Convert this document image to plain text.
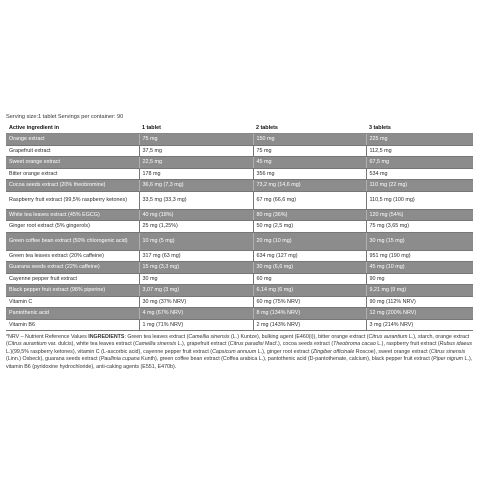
Serving size:1 tablet Servings per container: 90
Active ingredient in	1 tablet	2 tablets	3 tablets
Orange extract	75 mg	150 mg	225 mg
Grapefruit extract	37,5 mg	75 mg	112,5 mg
Sweet orange extract	22,5 mg	45 mg	67,5 mg
Bitter orange extract	178 mg	356 mg	534 mg
Cocoa seeds extract (20% theobromine)	36,6 mg (7,3 mg)	73,2 mg (14,6 mg)	110 mg (22 mg)
Raspberry fruit extract (99,5% raspberry ketones)	33,5 mg (33,3 mg)	67 mg (66,6 mg)	110,5 mg (100 mg)
White tea leaves extract (45% EGCG)	40 mg (18%)	80 mg (36%)	120 mg (54%)
Ginger root extract (5% gingerols)	25 mg (1,25%)	50 mg (2,5 mg)	75 mg (3,65 mg)
Green coffee bean extract (50% chlorogenic acid)	10 mg (5 mg)	20 mg (10 mg)	30 mg (15 mg)
Green tea leaves extract (20% caffeine)	317 mg (63 mg)	634 mg (127 mg)	951 mg (190 mg)
Guarana seeds extract (22% caffeine)	15 mg (3,3 mg)	30 mg (6,6 mg)	45 mg (10 mg)
Cayenne pepper fruit extract	30 mg	60 mg	90 mg
Black pepper fruit extract (98% piperine)	3,07 mg (3 mg)	6,14 mg (6 mg)	9,21 mg (9 mg)
Vitamin C	30 mg (37% NRV)	60 mg (75% NRV)	90 mg (112% NRV)
Pantothenic acid	4 mg (67% NRV)	8 mg (134% NRV)	12 mg (200% NRV)
Vitamin B6	1 mg (71% NRV)	2 mg (143% NRV)	3 mg (214% NRV)
*NRV – Nutrient Reference Values INGREDIENTS: Green tea leaves extract (Camellia sinensis (L.) Kuntze), bulking agent (E460(i)), bitter orange extract (Citrus aurantium L.), starch, orange extract (Citrus aurantium var. dulcis), white tea leaves extract (Camellia sinensis L.), grapefruit extract (Citrus paradisi Macf.), cocoa seeds extract (Theobroma cacao L.), raspberry fruit extract (Rubus idaeus L.)(99,5% raspberry ketones), vitamin C (L-ascorbic acid), cayenne pepper fruit extract (Capsicum annuum L.), ginger root extract (Zingiber officinale Roscoe), sweet orange extract (Citrus sinensis (Linn.) Osbeck), guarana seeds extract (Paullinia cupana Kunth), green coffee bean extract (Coffea arabica L.), pantothenic acid (D-pantothenate, calcium), black pepper fruit extract (Piper nigrum L.), vitamin B6 (pyridoxine hydrochloride), anti-caking agents (E551, E470b).
